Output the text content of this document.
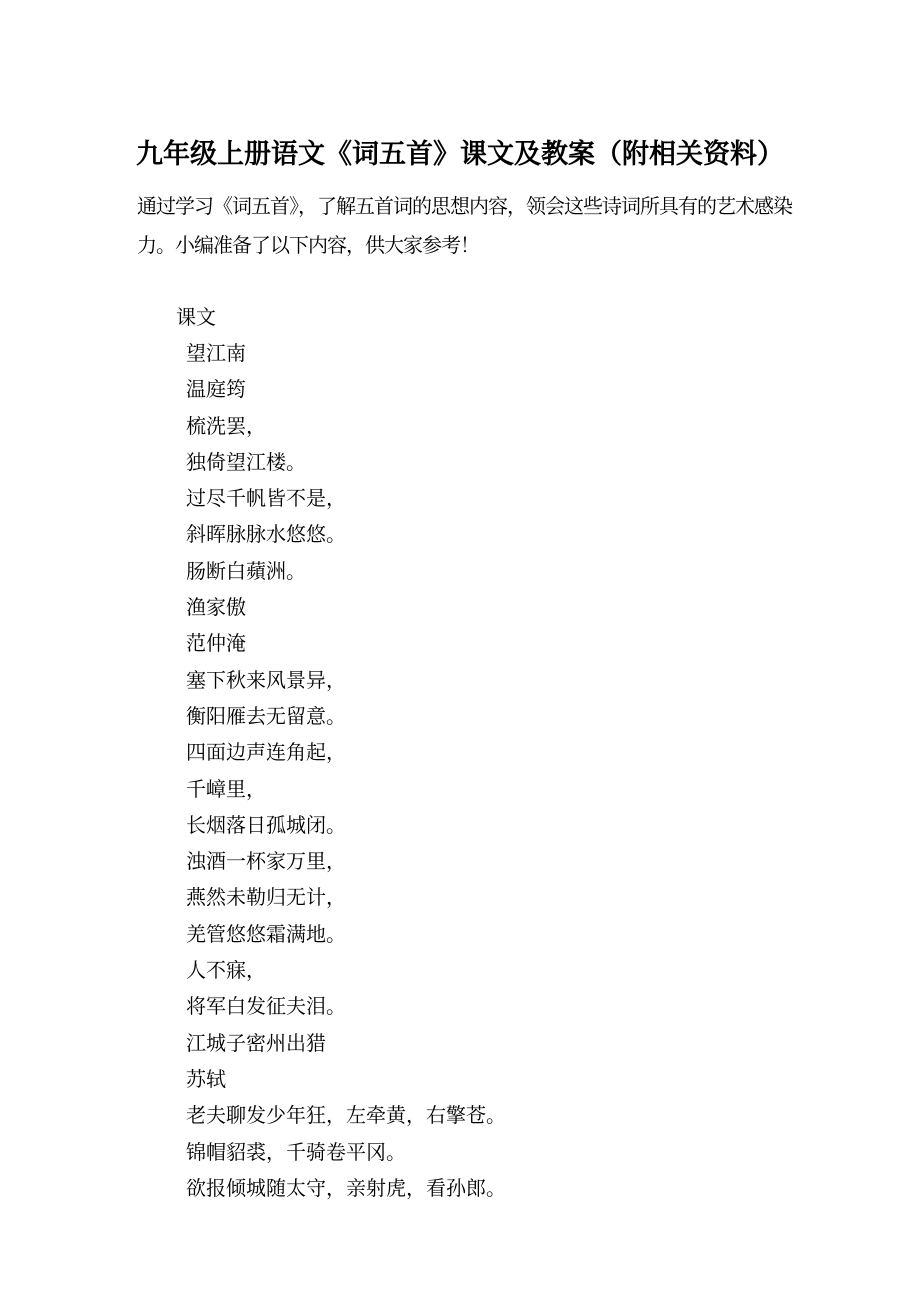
九年级上册语文《词五首》课文及教案（附相关资料）
通过学习《词五首》，了解五首词的思想内容，领会这些诗词所具有的艺术感染
力。小编准备了以下内容，供大家参考！
课文
望江南
温庭筠
梳洗罢，
独倚望江楼。
过尽千帆皆不是，
斜晖脉脉水悠悠。
肠断白蘋洲。
渔家傲
范仲淹
塞下秋来风景异，
衡阳雁去无留意。
四面边声连角起，
千嶂里，
长烟落日孤城闭。
浊酒一杯家万里，
燕然未勒归无计，
羌管悠悠霜满地。
人不寐，
将军白发征夫泪。
江城子密州出猎
苏轼
老夫聊发少年狂，左牵黄，右擎苍。
锦帽貂裘，千骑卷平冈。
欲报倾城随太守，亲射虎，看孙郎。
